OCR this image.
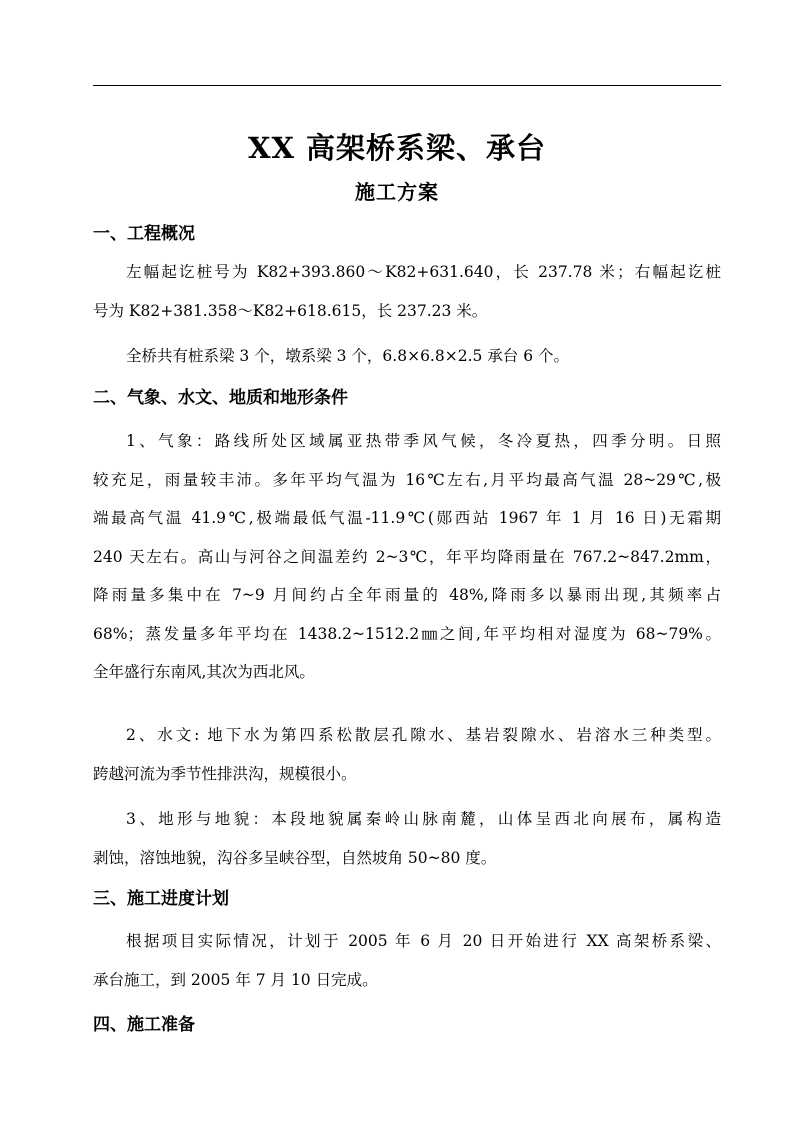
XX 高架桥系梁、承台
施工方案
一、工程概况
左幅起讫桩号为 K82+393.860～K82+631.640，长 237.78 米；右幅起讫桩
号为 K82+381.358～K82+618.615，长 237.23 米。
全桥共有桩系梁 3 个，墩系梁 3 个，6.8×6.8×2.5 承台 6 个。
二、气象、水文、地质和地形条件
1、气象：路线所处区域属亚热带季风气候，冬冷夏热，四季分明。日照
较充足，雨量较丰沛。多年平均气温为 16℃左右,月平均最高气温 28~29℃,极
端最高气温 41.9℃,极端最低气温-11.9℃(郧西站 1967 年 1 月 16 日)无霜期
240 天左右。高山与河谷之间温差约 2~3℃，年平均降雨量在 767.2~847.2mm，
降雨量多集中在 7~9 月间约占全年雨量的 48%,降雨多以暴雨出现,其频率占
68%；蒸发量多年平均在 1438.2~1512.2㎜之间,年平均相对湿度为 68~79%。
全年盛行东南风,其次为西北风。
2、水文: 地下水为第四系松散层孔隙水、基岩裂隙水、岩溶水三种类型。
跨越河流为季节性排洪沟，规模很小。
3、地形与地貌：本段地貌属秦岭山脉南麓，山体呈西北向展布，属构造
剥蚀，溶蚀地貌，沟谷多呈峡谷型，自然坡角 50~80 度。
三、施工进度计划
根据项目实际情况，计划于 2005 年 6 月 20 日开始进行 XX 高架桥系梁、
承台施工，到 2005 年 7 月 10 日完成。
四、施工准备
